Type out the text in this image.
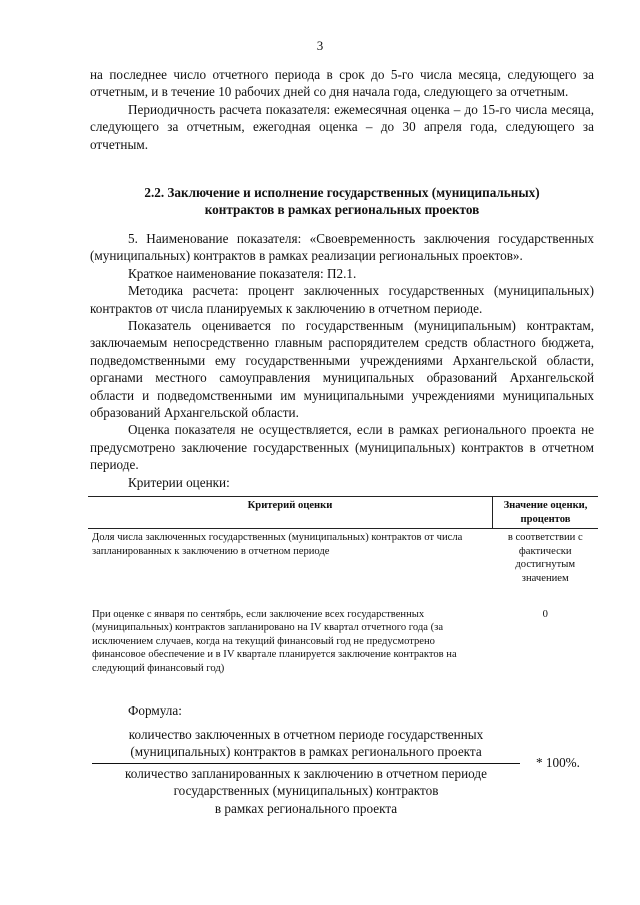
3

на последнее число отчетного периода в срок до 5-го числа месяца, следующего за отчетным, и в течение 10 рабочих дней со дня начала года, следующего за отчетным.

Периодичность расчета показателя: ежемесячная оценка – до 15-го числа месяца, следующего за отчетным, ежегодная оценка – до 30 апреля года, следующего за отчетным.

2.2. Заключение и исполнение государственных (муниципальных)
контрактов в рамках региональных проектов

5. Наименование показателя: «Своевременность заключения государственных (муниципальных) контрактов в рамках реализации региональных проектов».

Краткое наименование показателя: П2.1.

Методика расчета: процент заключенных государственных (муниципальных) контрактов от числа планируемых к заключению в отчетном периоде.

Показатель оценивается по государственным (муниципальным) контрактам, заключаемым непосредственно главным распорядителем средств областного бюджета, подведомственными ему государственными учреждениями Архангельской области, органами местного самоуправления муниципальных образований Архангельской области и подведомственными им муниципальными учреждениями муниципальных образований Архангельской области.

Оценка показателя не осуществляется, если в рамках регионального проекта не предусмотрено заключение государственных (муниципальных) контрактов в отчетном периоде.

Критерии оценки:

Критерий оценки	Значение оценки, процентов
Доля числа заключенных государственных (муниципальных) контрактов от числа запланированных к заключению в отчетном периоде	в соответствии с фактически достигнутым значением

При оценке с января по сентябрь, если заключение всех государственных (муниципальных) контрактов запланировано на IV квартал отчетного года (за исключением случаев, когда на текущий финансовый год не предусмотрено финансовое обеспечение и в IV квартале планируется заключение контрактов на следующий финансовый год)	0
Формула:
количество заключенных в отчетном периоде государственных
(муниципальных) контрактов в рамках регионального проекта
количество запланированных к заключению в отчетном периоде
государственных (муниципальных) контрактов
в рамках регионального проекта
* 100%.
